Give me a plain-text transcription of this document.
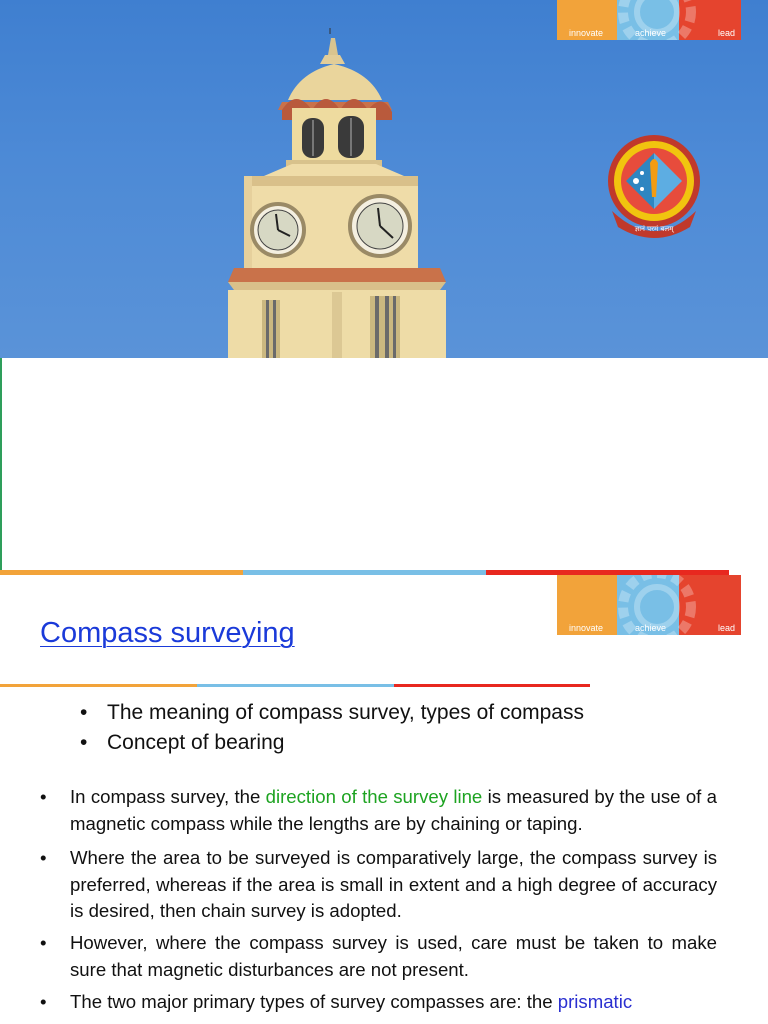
innovate	achieve	lead
ज्ञानं परमं बलम्
innovate	achieve	lead
Compass surveying
• The meaning of compass survey, types of compass
• Concept of bearing
• In compass survey, the direction of the survey line is measured by the use of a magnetic compass while the lengths are by chaining or taping.
• Where the area to be surveyed is comparatively large, the compass survey is preferred, whereas if the area is small in extent and a high degree of accuracy is desired, then chain survey is adopted.
• However, where the compass survey is used, care must be taken to make sure that magnetic disturbances are not present.
• The two major primary types of survey compasses are: the prismatic
